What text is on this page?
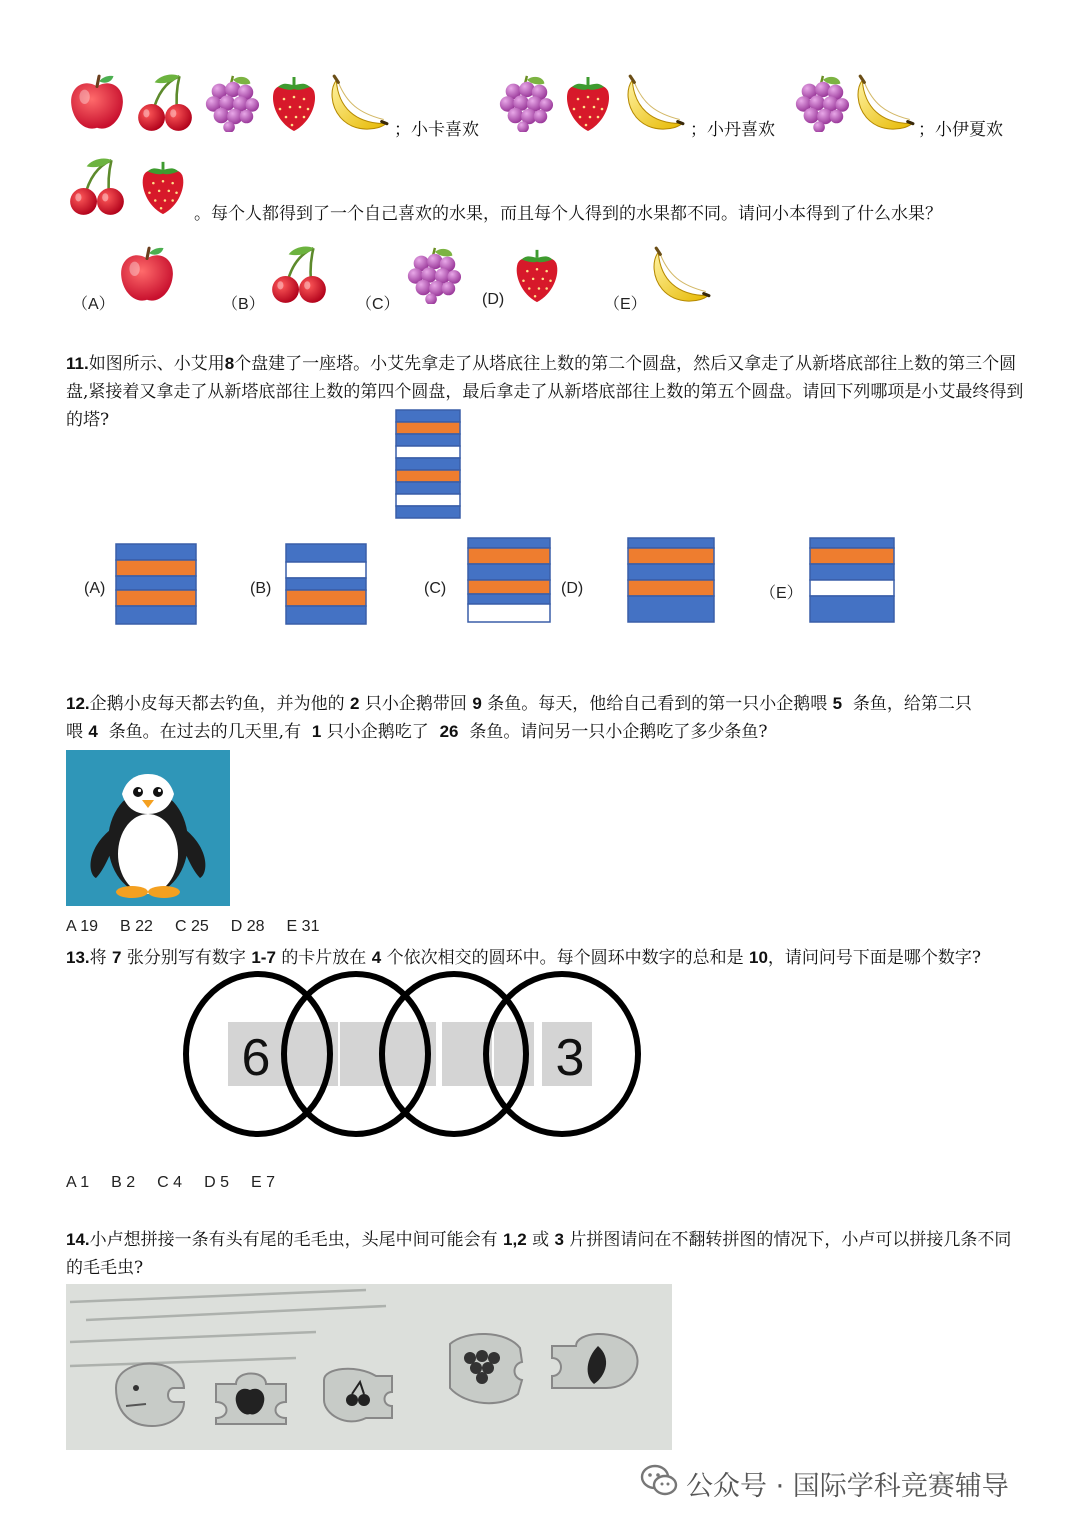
；小卡喜欢	；小丹喜欢	；小伊夏欢
。每个人都得到了一个自己喜欢的水果，而且每个人得到的水果都不同。请问小本得到了什么水果？
（A）	（B）	（C）	(D)	（E）
11.如图所示、小艾用8个盘建了一座塔。小艾先拿走了从塔底往上数的第二个圆盘，然后又拿走了从新塔底部往上数的第三个圆盘,紧接着又拿走了从新塔底部往上数的第四个圆盘，最后拿走了从新塔底部往上数的第五个圆盘。请回下列哪项是小艾最终得到的塔?
(A)	(B)	(C)	(D)	（E）
12.企鹅小皮每天都去钓鱼，并为他的 2 只小企鹅带回 9 条鱼。每天，他给自己看到的第一只小企鹅喂 5 条鱼，给第二只喂 4 条鱼。在过去的几天里,有 1 只小企鹅吃了 26 条鱼。请问另一只小企鹅吃了多少条鱼?
A 19 B 22 C 25 D 28 E 31
13.将 7 张分别写有数字 1-7 的卡片放在 4 个依次相交的圆环中。每个圆环中数字的总和是 10，请问问号下面是哪个数字?
6	3
A 1 B 2 C 4 D 5 E 7
14.小卢想拼接一条有头有尾的毛毛虫，头尾中间可能会有 1,2 或 3 片拼图请问在不翻转拼图的情况下，小卢可以拼接几条不同的毛毛虫?
公众号 · 国际学科竞赛辅导
